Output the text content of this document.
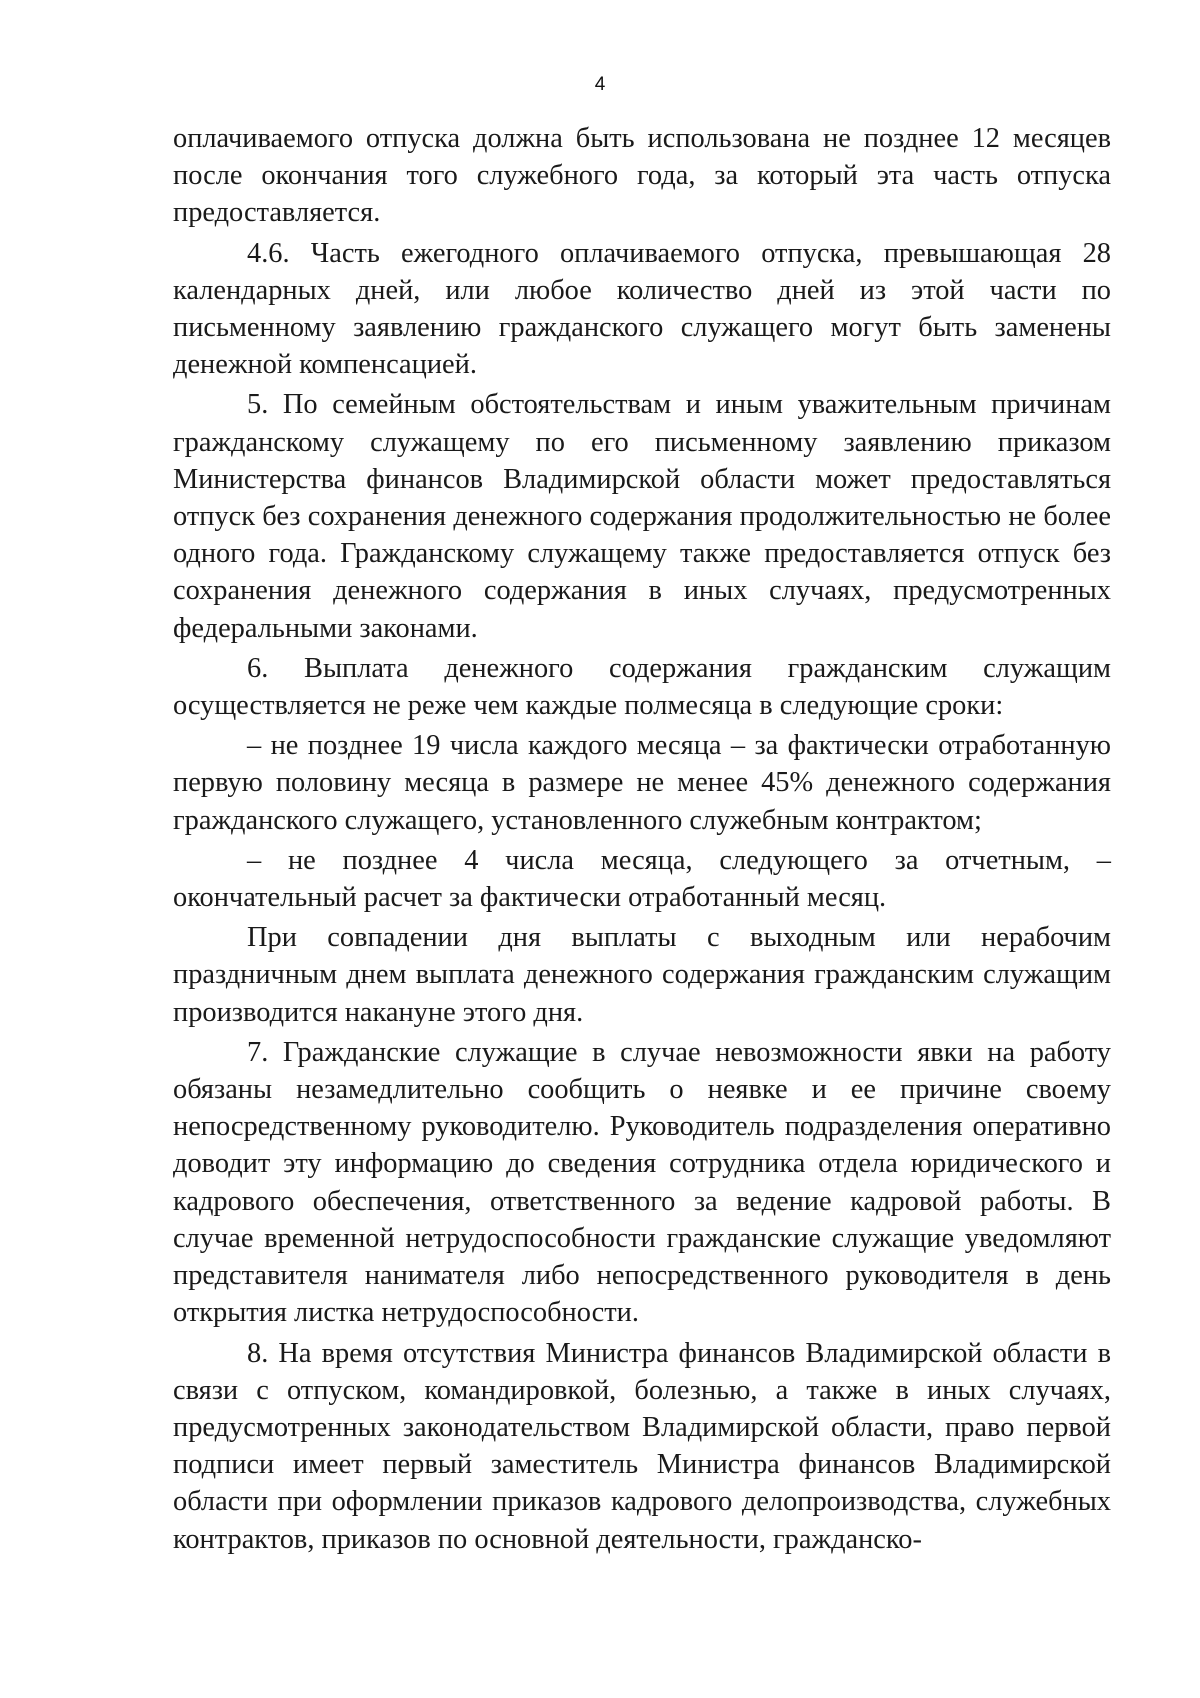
4

оплачиваемого отпуска должна быть использована не позднее 12 месяцев после окончания того служебного года, за который эта часть отпуска предоставляется.

4.6. Часть ежегодного оплачиваемого отпуска, превышающая 28 календарных дней, или любое количество дней из этой части по письменному заявлению гражданского служащего могут быть заменены денежной компенсацией.

5. По семейным обстоятельствам и иным уважительным причинам гражданскому служащему по его письменному заявлению приказом Министерства финансов Владимирской области может предоставляться отпуск без сохранения денежного содержания продолжительностью не более одного года. Гражданскому служащему также предоставляется отпуск без сохранения денежного содержания в иных случаях, предусмотренных федеральными законами.

6. Выплата денежного содержания гражданским служащим осуществляется не реже чем каждые полмесяца в следующие сроки:

– не позднее 19 числа каждого месяца – за фактически отработанную первую половину месяца в размере не менее 45% денежного содержания гражданского служащего, установленного служебным контрактом;

– не позднее 4 числа месяца, следующего за отчетным, – окончательный расчет за фактически отработанный месяц.

При совпадении дня выплаты с выходным или нерабочим праздничным днем выплата денежного содержания гражданским служащим производится накануне этого дня.

7. Гражданские служащие в случае невозможности явки на работу обязаны незамедлительно сообщить о неявке и ее причине своему непосредственному руководителю. Руководитель подразделения оперативно доводит эту информацию до сведения сотрудника отдела юридического и кадрового обеспечения, ответственного за ведение кадровой работы. В случае временной нетрудоспособности гражданские служащие уведомляют представителя нанимателя либо непосредственного руководителя в день открытия листка нетрудоспособности.

8. На время отсутствия Министра финансов Владимирской области в связи с отпуском, командировкой, болезнью, а также в иных случаях, предусмотренных законодательством Владимирской области, право первой подписи имеет первый заместитель Министра финансов Владимирской области при оформлении приказов кадрового делопроизводства, служебных контрактов, приказов по основной деятельности, гражданско-
